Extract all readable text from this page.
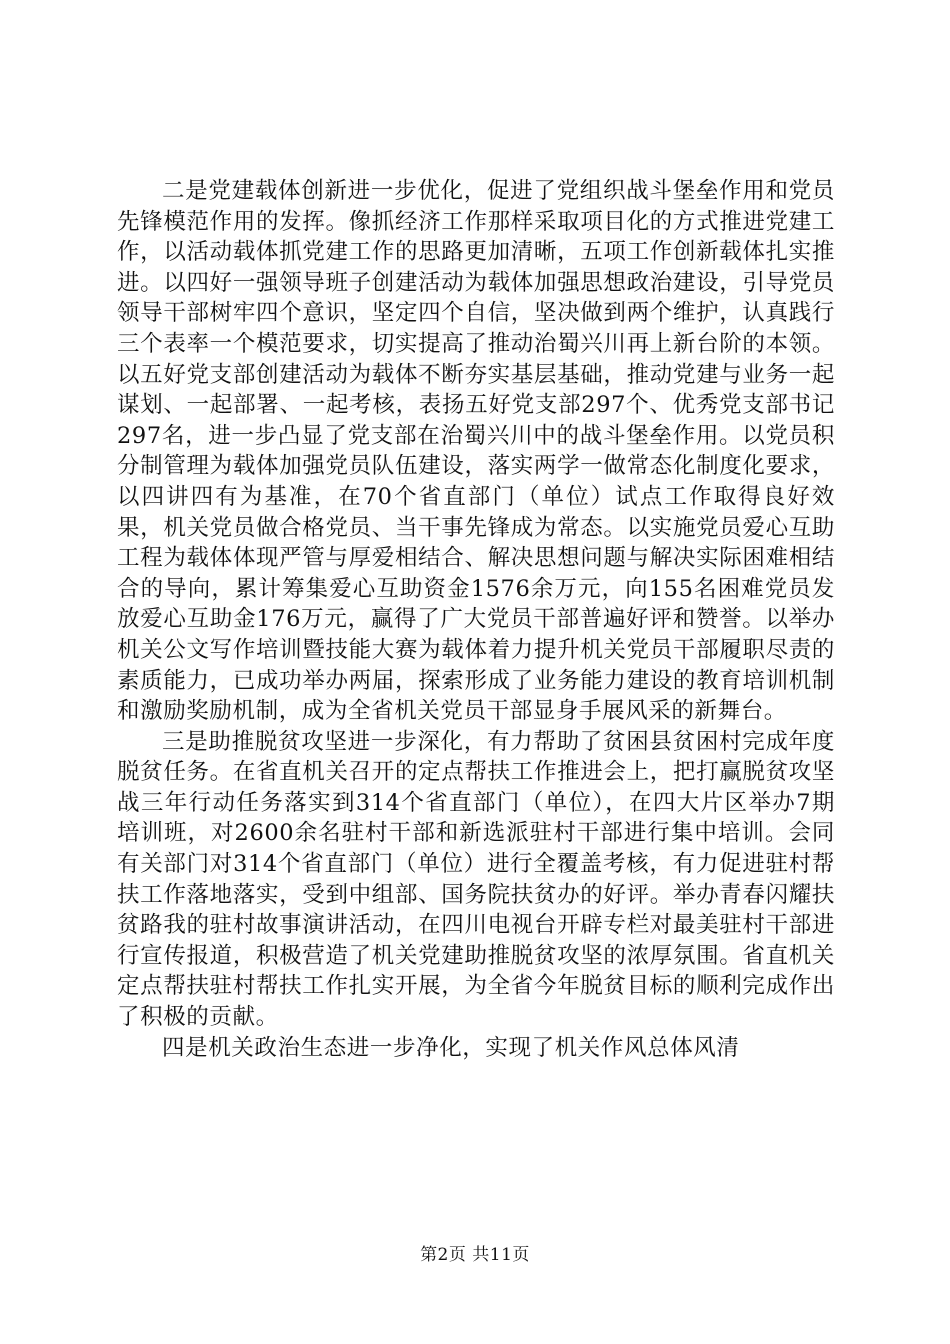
二是党建载体创新进一步优化，促进了党组织战斗堡垒作用和党员先锋模范作用的发挥。像抓经济工作那样采取项目化的方式推进党建工作，以活动载体抓党建工作的思路更加清晰，五项工作创新载体扎实推进。以四好一强领导班子创建活动为载体加强思想政治建设，引导党员领导干部树牢四个意识，坚定四个自信，坚决做到两个维护，认真践行三个表率一个模范要求，切实提高了推动治蜀兴川再上新台阶的本领。以五好党支部创建活动为载体不断夯实基层基础，推动党建与业务一起谋划、一起部署、一起考核，表扬五好党支部297个、优秀党支部书记297名，进一步凸显了党支部在治蜀兴川中的战斗堡垒作用。以党员积分制管理为载体加强党员队伍建设，落实两学一做常态化制度化要求，以四讲四有为基准，在70个省直部门（单位）试点工作取得良好效果，机关党员做合格党员、当干事先锋成为常态。以实施党员爱心互助工程为载体体现严管与厚爱相结合、解决思想问题与解决实际困难相结合的导向，累计筹集爱心互助资金1576余万元，向155名困难党员发放爱心互助金176万元，赢得了广大党员干部普遍好评和赞誉。以举办机关公文写作培训暨技能大赛为载体着力提升机关党员干部履职尽责的素质能力，已成功举办两届，探索形成了业务能力建设的教育培训机制和激励奖励机制，成为全省机关党员干部显身手展风采的新舞台。

三是助推脱贫攻坚进一步深化，有力帮助了贫困县贫困村完成年度脱贫任务。在省直机关召开的定点帮扶工作推进会上，把打赢脱贫攻坚战三年行动任务落实到314个省直部门（单位），在四大片区举办7期培训班，对2600余名驻村干部和新选派驻村干部进行集中培训。会同有关部门对314个省直部门（单位）进行全覆盖考核，有力促进驻村帮扶工作落地落实，受到中组部、国务院扶贫办的好评。举办青春闪耀扶贫路我的驻村故事演讲活动，在四川电视台开辟专栏对最美驻村干部进行宣传报道，积极营造了机关党建助推脱贫攻坚的浓厚氛围。省直机关定点帮扶驻村帮扶工作扎实开展，为全省今年脱贫目标的顺利完成作出了积极的贡献。

四是机关政治生态进一步净化，实现了机关作风总体风清

第2页 共11页
